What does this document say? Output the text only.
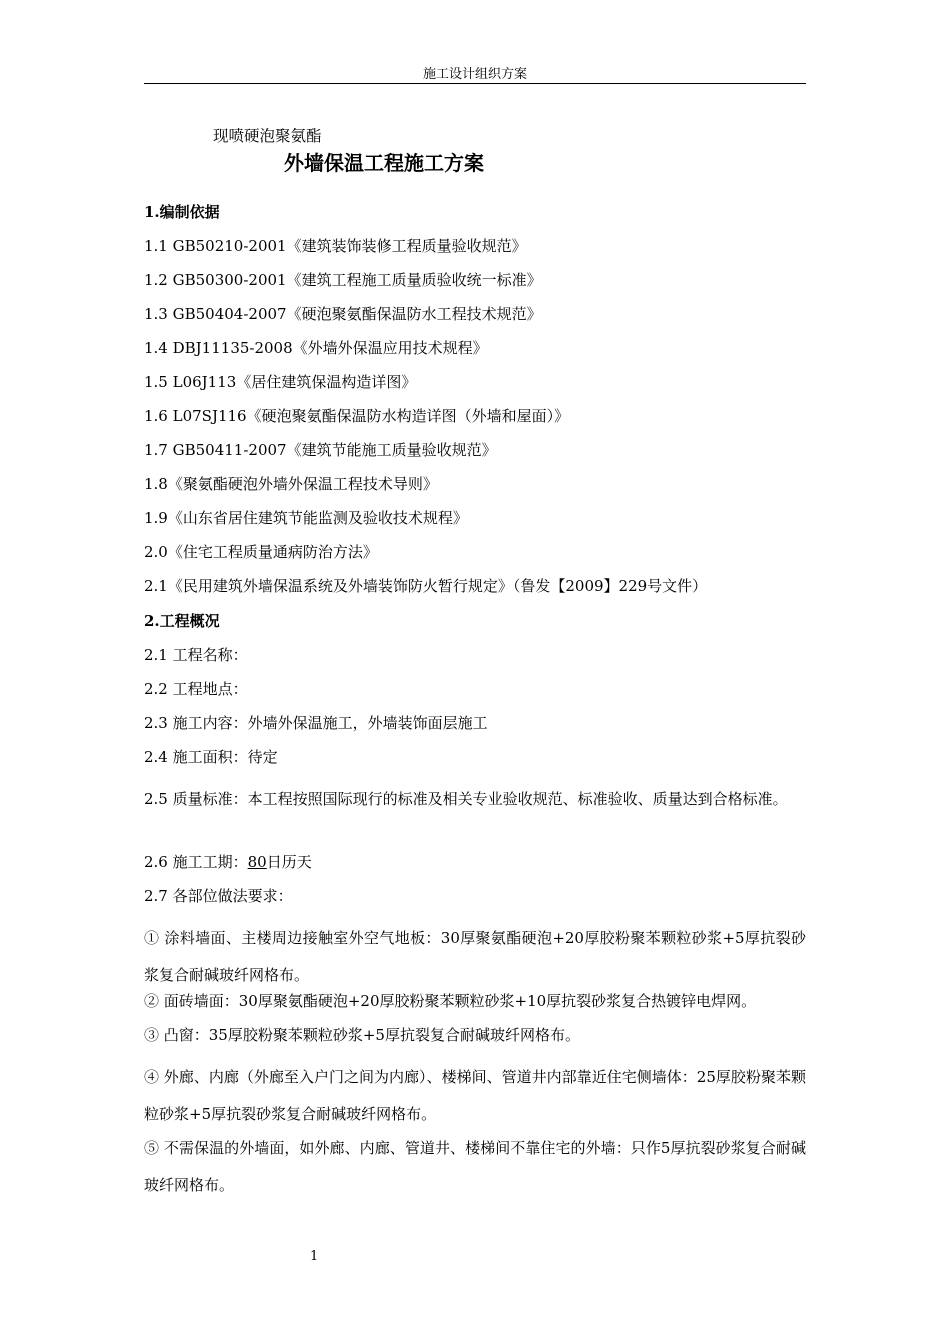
施工设计组织方案
现喷硬泡聚氨酯
外墙保温工程施工方案
1.编制依据
1.1 GB50210-2001《建筑装饰装修工程质量验收规范》
1.2 GB50300-2001《建筑工程施工质量质验收统一标准》
1.3 GB50404-2007《硬泡聚氨酯保温防水工程技术规范》
1.4 DBJ11135-2008《外墙外保温应用技术规程》
1.5 L06J113《居住建筑保温构造详图》
1.6 L07SJ116《硬泡聚氨酯保温防水构造详图（外墙和屋面）》
1.7 GB50411-2007《建筑节能施工质量验收规范》
1.8《聚氨酯硬泡外墙外保温工程技术导则》
1.9《山东省居住建筑节能监测及验收技术规程》
2.0《住宅工程质量通病防治方法》
2.1《民用建筑外墙保温系统及外墙装饰防火暂行规定》（鲁发【2009】229号文件）
2.工程概况
2.1 工程名称：
2.2 工程地点：
2.3 施工内容：外墙外保温施工，外墙装饰面层施工
2.4 施工面积：待定
2.5 质量标准：本工程按照国际现行的标准及相关专业验收规范、标准验收、质量达到合格标准。
2.6 施工工期：80日历天
2.7 各部位做法要求：
① 涂料墙面、主楼周边接触室外空气地板：30厚聚氨酯硬泡+20厚胶粉聚苯颗粒砂浆+5厚抗裂砂浆复合耐碱玻纤网格布。
② 面砖墙面：30厚聚氨酯硬泡+20厚胶粉聚苯颗粒砂浆+10厚抗裂砂浆复合热镀锌电焊网。
③ 凸窗：35厚胶粉聚苯颗粒砂浆+5厚抗裂复合耐碱玻纤网格布。
④ 外廊、内廊（外廊至入户门之间为内廊）、楼梯间、管道井内部靠近住宅侧墙体：25厚胶粉聚苯颗粒砂浆+5厚抗裂砂浆复合耐碱玻纤网格布。
⑤ 不需保温的外墙面，如外廊、内廊、管道井、楼梯间不靠住宅的外墙：只作5厚抗裂砂浆复合耐碱玻纤网格布。
1
